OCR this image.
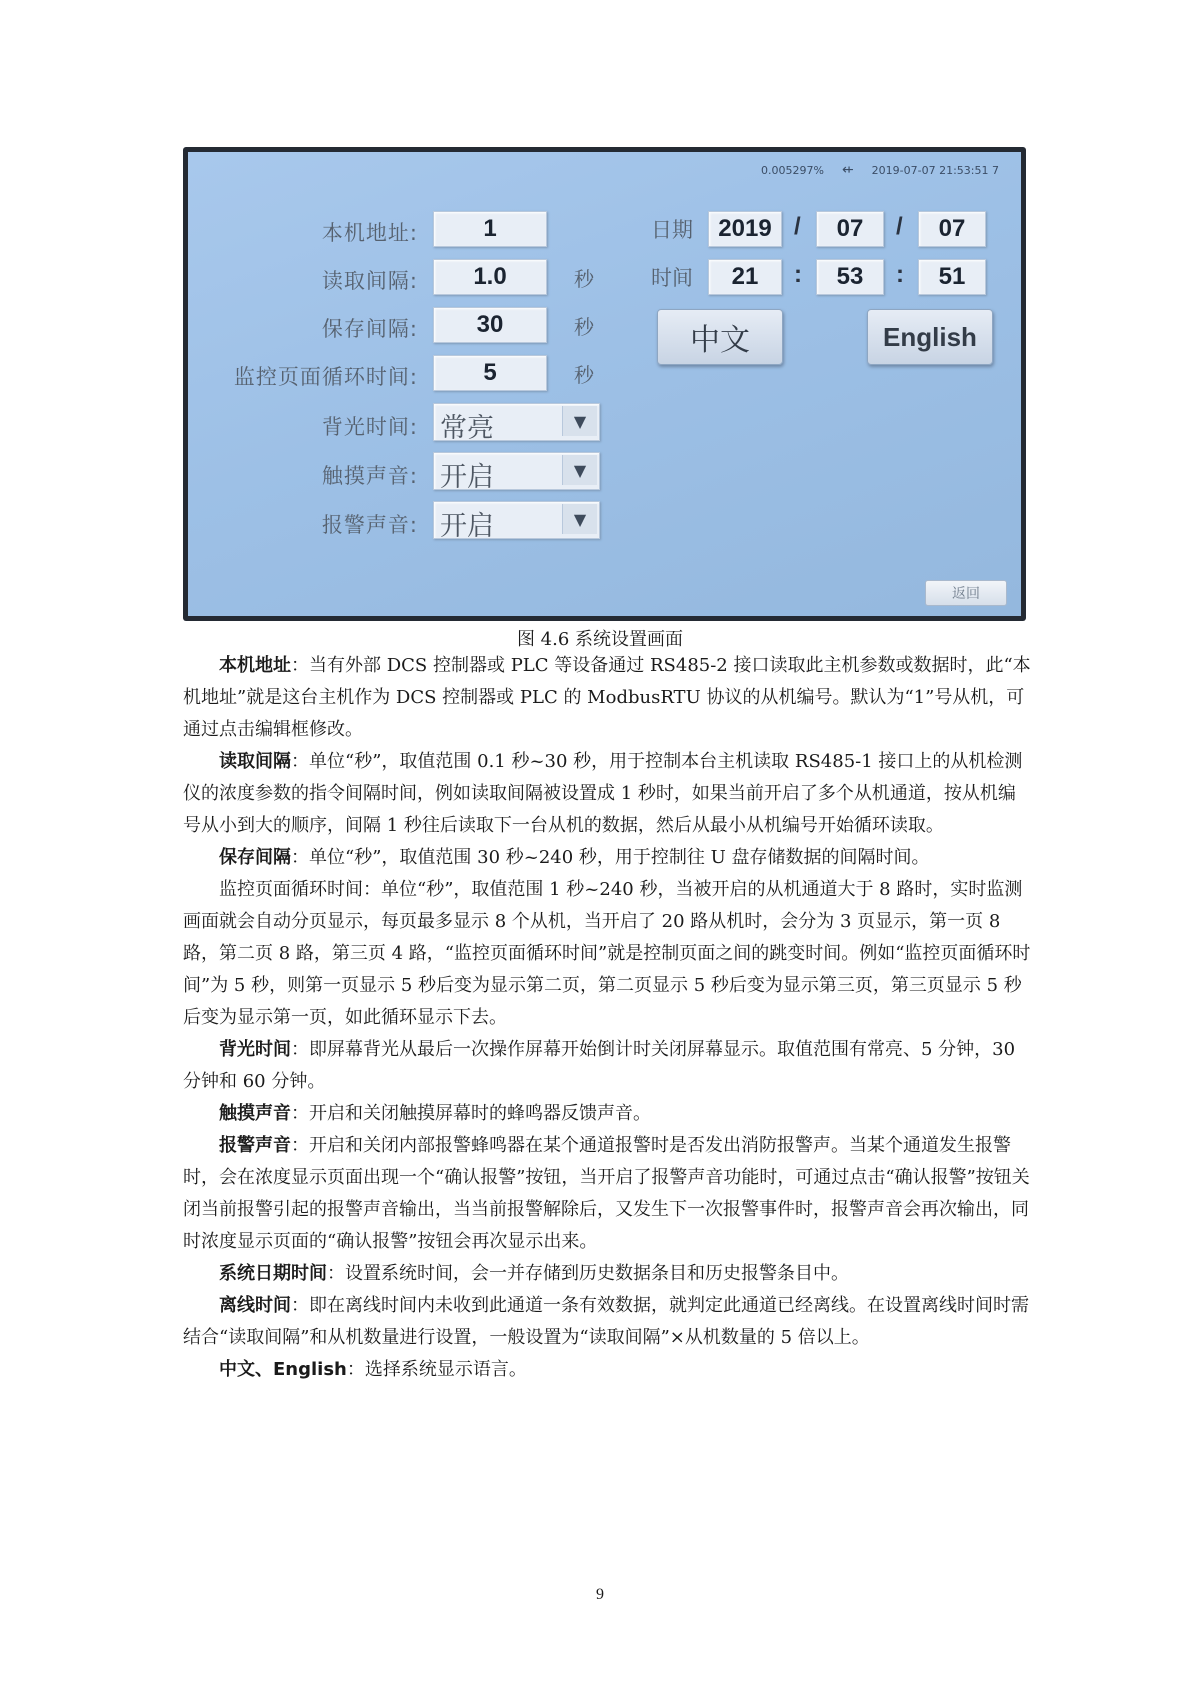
0.005297% ⇷ 2019-07-07 21:53:51 7
本机地址:	1
读取间隔:	1.0	秒
保存间隔:	30	秒
监控页面循环时间:	5	秒
背光时间: 常亮	▼
触摸声音: 开启	▼
报警声音: 开启	▼
日期	2019 /	07	/	07
时间	21	:	53	:	51
中文	English
返回
图 4.6 系统设置画面

本机地址：当有外部 DCS 控制器或 PLC 等设备通过 RS485-2 接口读取此主机参数或数据时，此“本机地址”就是这台主机作为 DCS 控制器或 PLC 的 ModbusRTU 协议的从机编号。默认为“1”号从机，可通过点击编辑框修改。

读取间隔：单位“秒”，取值范围 0.1 秒~30 秒，用于控制本台主机读取 RS485-1 接口上的从机检测仪的浓度参数的指令间隔时间，例如读取间隔被设置成 1 秒时，如果当前开启了多个从机通道，按从机编号从小到大的顺序，间隔 1 秒往后读取下一台从机的数据，然后从最小从机编号开始循环读取。

保存间隔：单位“秒”，取值范围 30 秒~240 秒，用于控制往 U 盘存储数据的间隔时间。

监控页面循环时间：单位“秒”，取值范围 1 秒~240 秒，当被开启的从机通道大于 8 路时，实时监测画面就会自动分页显示，每页最多显示 8 个从机，当开启了 20 路从机时，会分为 3 页显示，第一页 8 路，第二页 8 路，第三页 4 路，“监控页面循环时间”就是控制页面之间的跳变时间。例如“监控页面循环时间”为 5 秒，则第一页显示 5 秒后变为显示第二页，第二页显示 5 秒后变为显示第三页，第三页显示 5 秒后变为显示第一页，如此循环显示下去。

背光时间：即屏幕背光从最后一次操作屏幕开始倒计时关闭屏幕显示。取值范围有常亮、5 分钟，30 分钟和 60 分钟。

触摸声音：开启和关闭触摸屏幕时的蜂鸣器反馈声音。

报警声音：开启和关闭内部报警蜂鸣器在某个通道报警时是否发出消防报警声。当某个通道发生报警时，会在浓度显示页面出现一个“确认报警”按钮，当开启了报警声音功能时，可通过点击“确认报警”按钮关闭当前报警引起的报警声音输出，当当前报警解除后，又发生下一次报警事件时，报警声音会再次输出，同时浓度显示页面的“确认报警”按钮会再次显示出来。

系统日期时间：设置系统时间，会一并存储到历史数据条目和历史报警条目中。

离线时间：即在离线时间内未收到此通道一条有效数据，就判定此通道已经离线。在设置离线时间时需结合“读取间隔”和从机数量进行设置，一般设置为“读取间隔”×从机数量的 5 倍以上。

中文、English：选择系统显示语言。

9
